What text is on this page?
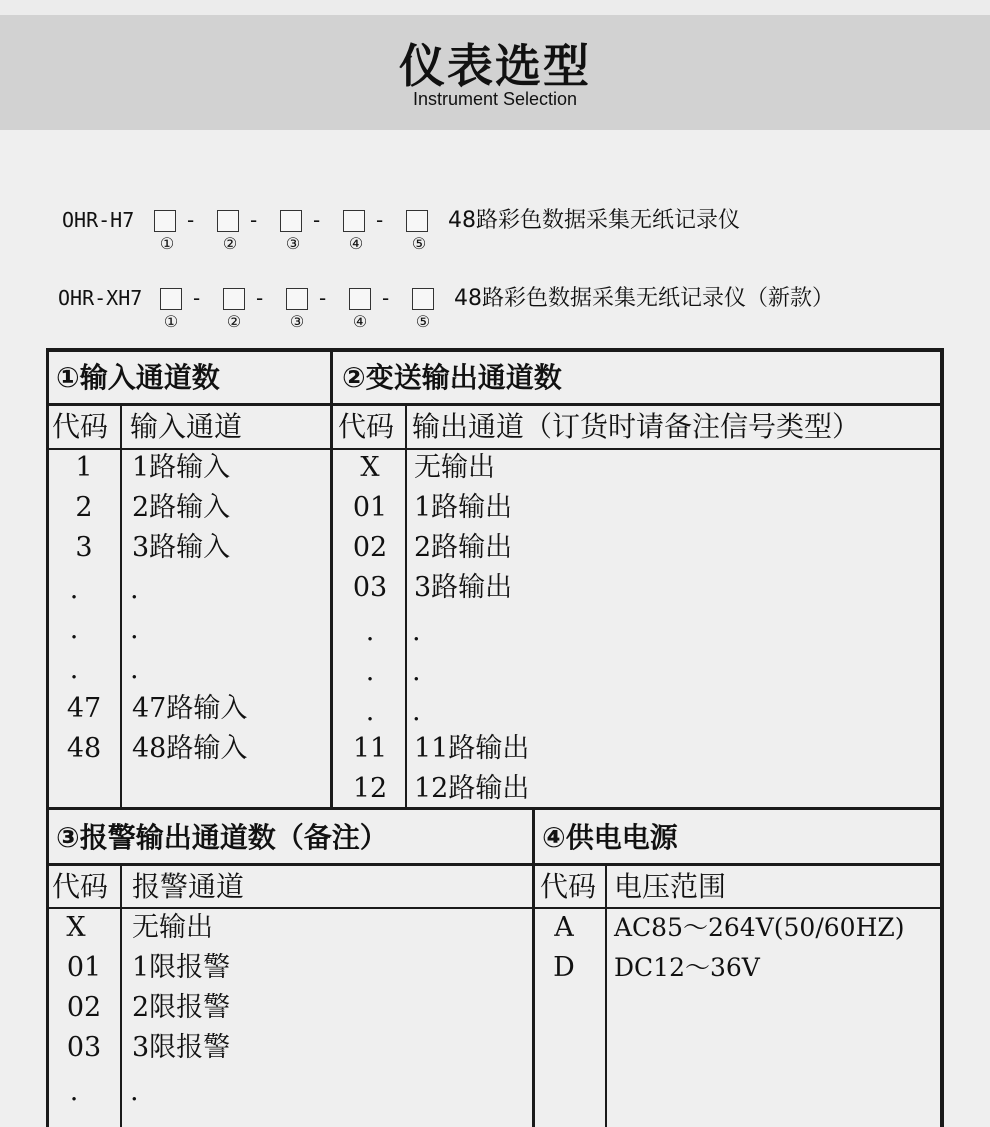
仪表选型
Instrument Selection
OHR-H7	-	-	-	-	48路彩色数据采集无纸记录仪
①	②	③	④	⑤
OHR-XH7	-	-	-	-	48路彩色数据采集无纸记录仪（新款）
①	②	③	④	⑤
①输入通道数
代码 输入通道
1	1路输入
2	2路输入
3	3路输入
.	.
.	.
.	.
47	47路输入
48	48路输入
②变送输出通道数
代码 输出通道（订货时请备注信号类型）
X	无输出
01 1路输出
02 2路输出
03 3路输出
.	.
.	.
.	.
11 11路输出
12 12路输出
③报警输出通道数（备注）
代码 报警通道
X	无输出
01	1限报警
02	2限报警
03	3限报警
.	.
④供电电源
代码 电压范围
A	AC85～264V(50/60HZ)
D	DC12～36V
